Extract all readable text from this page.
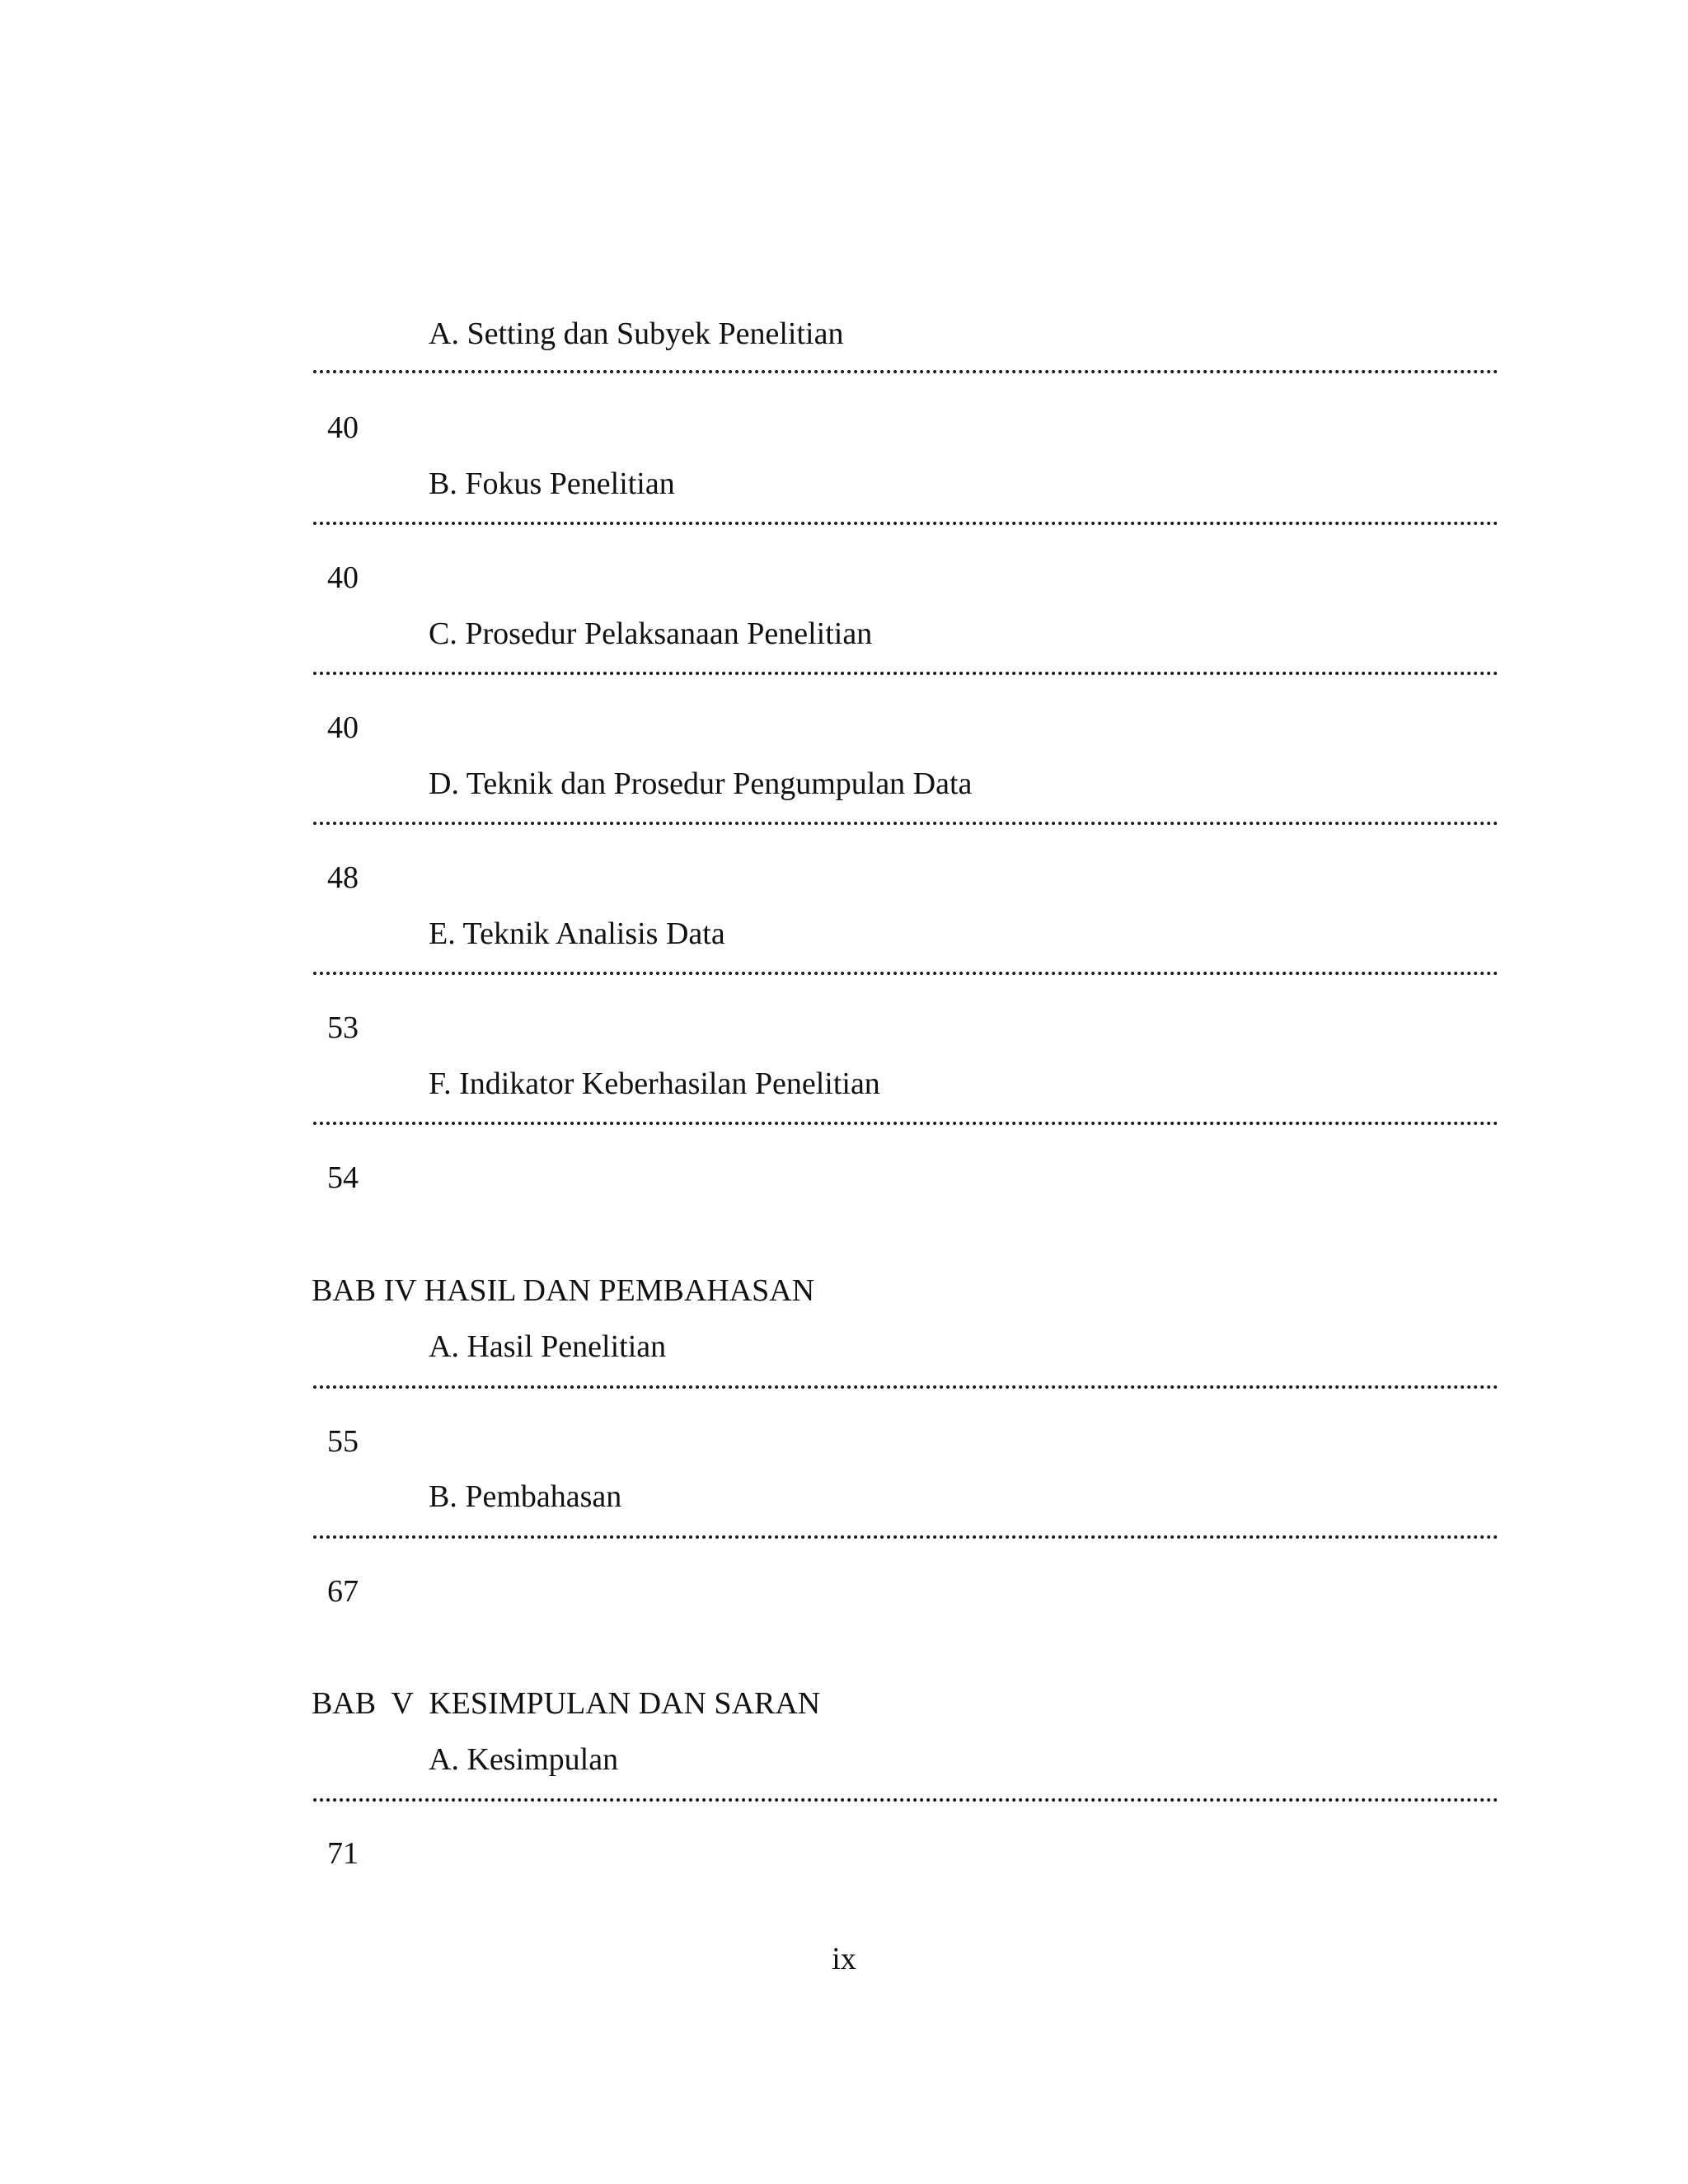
A. Setting dan Subyek Penelitian
40
B. Fokus Penelitian
40
C. Prosedur Pelaksanaan Penelitian
40
D. Teknik dan Prosedur Pengumpulan Data
48
E. Teknik Analisis Data
53
F. Indikator Keberhasilan Penelitian
54
BAB IV HASIL DAN PEMBAHASAN
A. Hasil Penelitian
55
B. Pembahasan
67
BAB  V  KESIMPULAN DAN SARAN
A. Kesimpulan
71
ix
